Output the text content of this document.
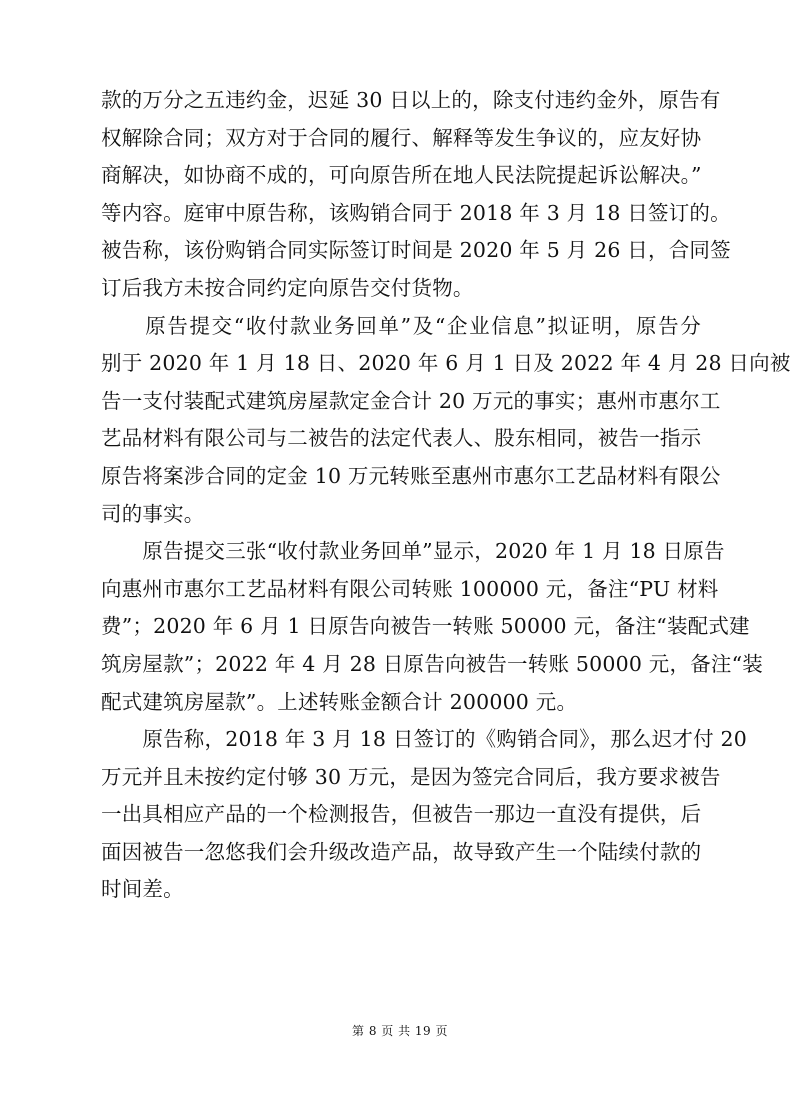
款的万分之五违约金，迟延 30 日以上的，除支付违约金外，原告有
权解除合同；双方对于合同的履行、解释等发生争议的，应友好协
商解决，如协商不成的，可向原告所在地人民法院提起诉讼解决。”
等内容。庭审中原告称，该购销合同于 2018 年 3 月 18 日签订的。
被告称，该份购销合同实际签订时间是 2020 年 5 月 26 日，合同签
订后我方未按合同约定向原告交付货物。
　　原告提交“收付款业务回单”及“企业信息”拟证明，原告分
别于 2020 年 1 月 18 日、2020 年 6 月 1 日及 2022 年 4 月 28 日向被
告一支付装配式建筑房屋款定金合计 20 万元的事实；惠州市惠尔工
艺品材料有限公司与二被告的法定代表人、股东相同，被告一指示
原告将案涉合同的定金 10 万元转账至惠州市惠尔工艺品材料有限公
司的事实。
　　原告提交三张“收付款业务回单”显示，2020 年 1 月 18 日原告
向惠州市惠尔工艺品材料有限公司转账 100000 元，备注“PU 材料
费”；2020 年 6 月 1 日原告向被告一转账 50000 元，备注“装配式建
筑房屋款”；2022 年 4 月 28 日原告向被告一转账 50000 元，备注“装
配式建筑房屋款”。上述转账金额合计 200000 元。
　　原告称，2018 年 3 月 18 日签订的《购销合同》，那么迟才付 20
万元并且未按约定付够 30 万元，是因为签完合同后，我方要求被告
一出具相应产品的一个检测报告，但被告一那边一直没有提供，后
面因被告一忽悠我们会升级改造产品，故导致产生一个陆续付款的
时间差。
第 8 页 共 19 页
